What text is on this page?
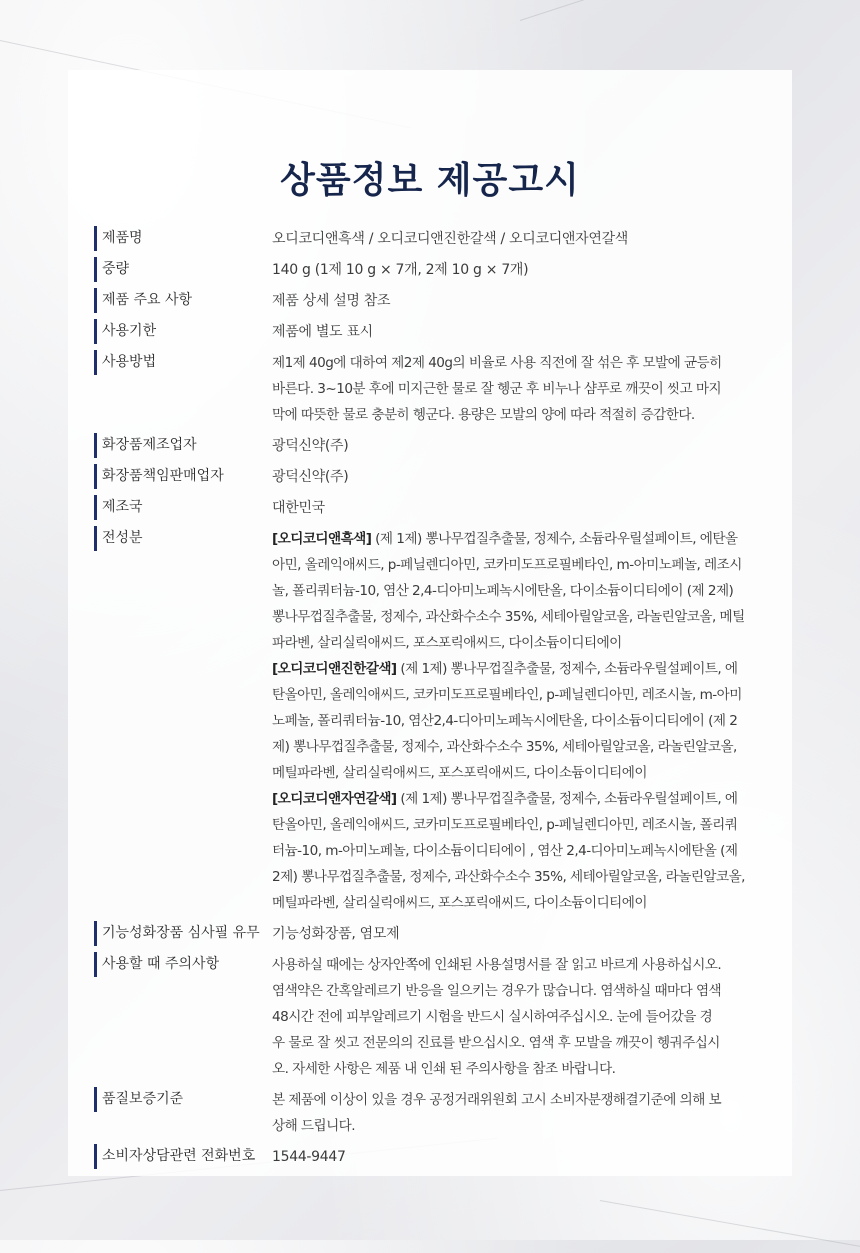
상품정보 제공고시
제품명	오디코디앤흑색 / 오디코디앤진한갈색 / 오디코디앤자연갈색
중량	140 g (1제 10 g × 7개, 2제 10 g × 7개)
제품 주요 사항	제품 상세 설명 참조
사용기한	제품에 별도 표시
사용방법	제1제 40g에 대하여 제2제 40g의 비율로 사용 직전에 잘 섞은 후 모발에 균등히
바른다. 3~10분 후에 미지근한 물로 잘 헹군 후 비누나 샴푸로 깨끗이 씻고 마지
막에 따뜻한 물로 충분히 헹군다. 용량은 모발의 양에 따라 적절히 증감한다.
화장품제조업자	광덕신약(주)
화장품책임판매업자	광덕신약(주)
제조국	대한민국
전성분	[오디코디앤흑색] (제 1제) 뽕나무껍질추출물, 정제수, 소듐라우릴설페이트, 에탄올
아민, 올레익애씨드, p-페닐렌디아민, 코카미도프로필베타인, m-아미노페놀, 레조시
놀, 폴리쿼터늄-10, 염산 2,4-디아미노페녹시에탄올, 다이소듐이디티에이 (제 2제)
뽕나무껍질추출물, 정제수, 과산화수소수 35%, 세테아릴알코올, 라놀린알코올, 메틸
파라벤, 살리실릭애씨드, 포스포릭애씨드, 다이소듐이디티에이
[오디코디앤진한갈색] (제 1제) 뽕나무껍질추출물, 정제수, 소듐라우릴설페이트, 에
탄올아민, 올레익애씨드, 코카미도프로필베타인, p-페닐렌디아민, 레조시놀, m-아미
노페놀, 폴리쿼터늄-10, 염산2,4-디아미노페녹시에탄올, 다이소듐이디티에이 (제 2
제) 뽕나무껍질추출물, 정제수, 과산화수소수 35%, 세테아릴알코올, 라놀린알코올,
메틸파라벤, 살리실릭애씨드, 포스포릭애씨드, 다이소듐이디티에이
[오디코디앤자연갈색] (제 1제) 뽕나무껍질추출물, 정제수, 소듐라우릴설페이트, 에
탄올아민, 올레익애씨드, 코카미도프로필베타인, p-페닐렌디아민, 레조시놀, 폴리쿼
터늄-10, m-아미노페놀, 다이소듐이디티에이 , 염산 2,4-디아미노페녹시에탄올 (제
2제) 뽕나무껍질추출물, 정제수, 과산화수소수 35%, 세테아릴알코올, 라놀린알코올,
메틸파라벤, 살리실릭애씨드, 포스포릭애씨드, 다이소듐이디티에이
기능성화장품 심사필 유무 기능성화장품, 염모제
사용할 때 주의사항	사용하실 때에는 상자안쪽에 인쇄된 사용설명서를 잘 읽고 바르게 사용하십시오.
염색약은 간혹알레르기 반응을 일으키는 경우가 많습니다. 염색하실 때마다 염색
48시간 전에 피부알레르기 시험을 반드시 실시하여주십시오. 눈에 들어갔을 경
우 물로 잘 씻고 전문의의 진료를 받으십시오. 염색 후 모발을 깨끗이 헹궈주십시
오. 자세한 사항은 제품 내 인쇄 된 주의사항을 참조 바랍니다.
품질보증기준	본 제품에 이상이 있을 경우 공정거래위원회 고시 소비자분쟁해결기준에 의해 보
상해 드립니다.
소비자상담관련 전화번호	1544-9447
